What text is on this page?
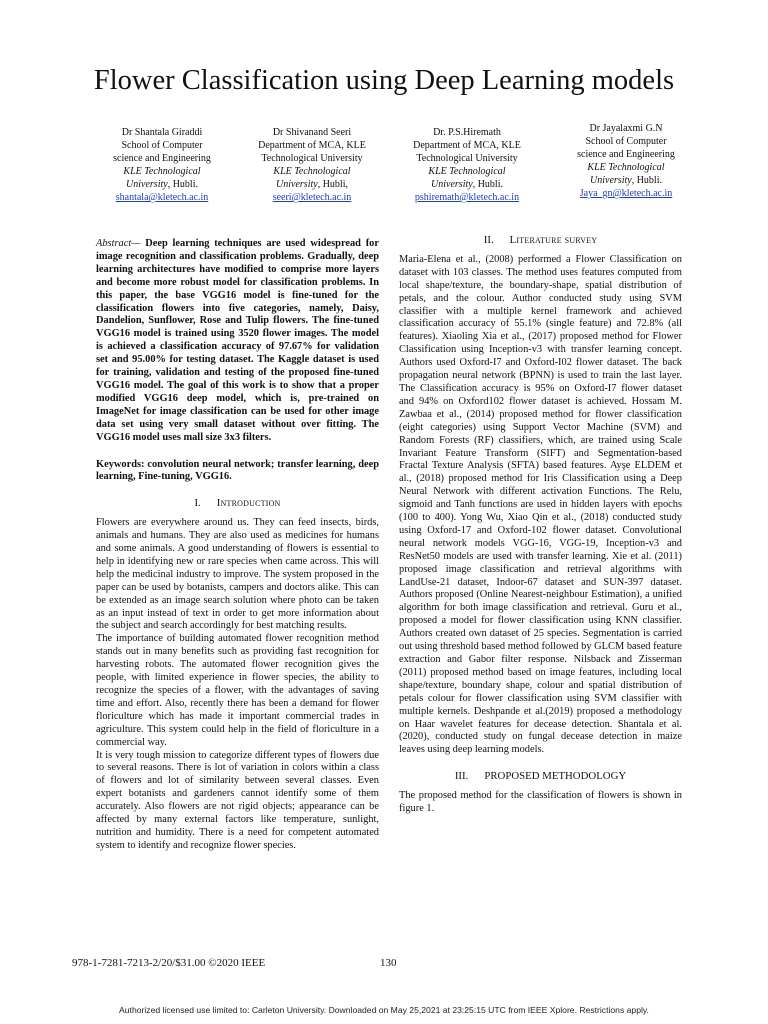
Flower Classification using Deep Learning models
Dr Shantala Giraddi
School of Computer
science and Engineering
KLE Technological
University, Hubli.
shantala@kletech.ac.in
Dr Shivanand Seeri
Department of MCA, KLE
Technological University
KLE Technological
University, Hubli,
seeri@kletech.ac.in
Dr. P.S.Hiremath
Department of MCA, KLE
Technological University
KLE Technological
University, Hubli.
pshiremath@kletech.ac.in
Dr Jayalaxmi G.N
School of Computer
science and Engineering
KLE Technological
University, Hubli.
Jaya_gn@kletech.ac.in
Abstract— Deep learning techniques are used widespread for image recognition and classification problems. Gradually, deep learning architectures have modified to comprise more layers and become more robust model for classification problems. In this paper, the base VGG16 model is fine-tuned for the classification flowers into five categories, namely, Daisy, Dandelion, Sunflower, Rose and Tulip flowers. The fine-tuned VGG16 model is trained using 3520 flower images. The model is achieved a classification accuracy of 97.67% for validation set and 95.00% for testing dataset. The Kaggle dataset is used for training, validation and testing of the proposed fine-tuned VGG16 model. The goal of this work is to show that a proper modified VGG16 deep model, which is, pre-trained on ImageNet for image classification can be used for other image data set using very small dataset without over fitting. The VGG16 model uses mall size 3x3 filters.
Keywords: convolution neural network; transfer learning, deep learning, Fine-tuning, VGG16.
I. Introduction

Flowers are everywhere around us. They can feed insects, birds, animals and humans. They are also used as medicines for humans and some animals. A good understanding of flowers is essential to help in identifying new or rare species when came across. This will help the medicinal industry to improve. The system proposed in the paper can be used by botanists, campers and doctors alike. This can be extended as an image search solution where photo can be taken as an input instead of text in order to get more information about the subject and search accordingly for best matching results.

The importance of building automated flower recognition method stands out in many benefits such as providing fast recognition for harvesting robots. The automated flower recognition gives the people, with limited experience in flower species, the ability to recognize the species of a flower, with the advantages of saving time and effort. Also, recently there has been a demand for flower floriculture which has made it important commercial trades in agriculture. This system could help in the field of floriculture in a commercial way.

It is very tough mission to categorize different types of flowers due to several reasons. There is lot of variation in colors within a class of flowers and lot of similarity between several classes. Even expert botanists and gardeners cannot identify some of them accurately. Also flowers are not rigid objects; appearance can be affected by many external factors like temperature, sunlight, nutrition and humidity. There is a need for competent automated system to identify and recognize flower species.

II. Literature survey

Maria-Elena et al., (2008) performed a Flower Classification on dataset with 103 classes. The method uses features computed from local shape/texture, the boundary-shape, spatial distribution of petals, and the colour. Author conducted study using SVM classifier with a multiple kernel framework and achieved classification accuracy of 55.1% (single feature) and 72.8% (all features). Xiaoling Xia et al., (2017) proposed method for Flower Classification using Inception-v3 with transfer learning concept. Authors used Oxford-I7 and Oxford-I02 flower dataset. The back propagation neural network (BPNN) is used to train the last layer. The Classification accuracy is 95% on Oxford-I7 flower dataset and 94% on Oxford102 flower dataset is achieved. Hossam M. Zawbaa et al., (2014) proposed method for flower classification (eight categories) using Support Vector Machine (SVM) and Random Forests (RF) classifiers, which, are trained using Scale Invariant Feature Transform (SIFT) and Segmentation-based Fractal Texture Analysis (SFTA) based features. Ayşe ELDEM et al., (2018) proposed method for Iris Classification using a Deep Neural Network with different activation Functions. The Relu, sigmoid and Tanh functions are used in hidden layers with epochs (100 to 400). Yong Wu, Xiao Qin et al., (2018) conducted study using Oxford-17 and Oxford-102 flower dataset. Convolutional neural network models VGG-16, VGG-19, Inception-v3 and ResNet50 models are used with transfer learning. Xie et al. (2011) proposed image classification and retrieval algorithms with LandUse-21 dataset, Indoor-67 dataset and SUN-397 dataset. Authors proposed (Online Nearest-neighbour Estimation), a unified algorithm for both image classification and retrieval. Guru et al., proposed a model for flower classification using KNN classifier. Authors created own dataset of 25 species. Segmentation is carried out using threshold based method followed by GLCM based feature extraction and Gabor filter response. Nilsback and Zisserman (2011) proposed method based on image features, including local shape/texture, boundary shape, colour and spatial distribution of petals colour for flower classification using SVM classifier with multiple kernels. Deshpande et al.(2019) proposed a methodology on Haar wavelet features for decease detection. Shantala et al.(2020), conducted study on fungal decease detection in maize leaves using deep learning models.

III. PROPOSED METHODOLOGY

The proposed method for the classification of flowers is shown in figure 1.

978-1-7281-7213-2/20/$31.00 ©2020 IEEE	130
Authorized licensed use limited to: Carleton University. Downloaded on May 25,2021 at 23:25:15 UTC from IEEE Xplore. Restrictions apply.
